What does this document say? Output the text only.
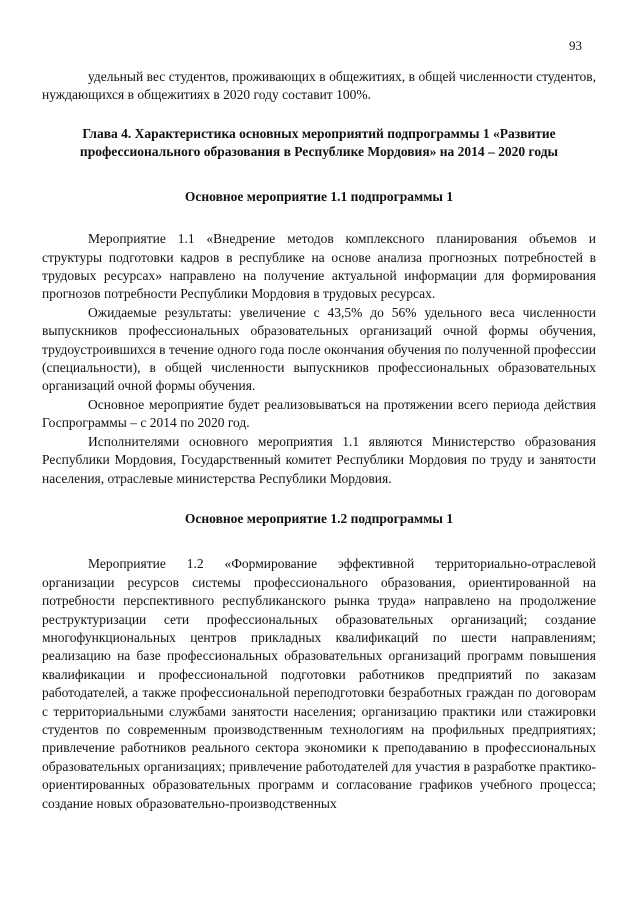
93

удельный вес студентов, проживающих в общежитиях, в общей численности студентов, нуждающихся в общежитиях в 2020 году составит 100%.

Глава 4. Характеристика основных мероприятий подпрограммы 1 «Развитие профессионального образования в Республике Мордовия» на 2014 – 2020 годы
Основное мероприятие 1.1 подпрограммы 1

Мероприятие 1.1 «Внедрение методов комплексного планирования объемов и структуры подготовки кадров в республике на основе анализа прогнозных потребностей в трудовых ресурсах» направлено на получение актуальной информации для формирования прогнозов потребности Республики Мордовия в трудовых ресурсах.

Ожидаемые результаты: увеличение с 43,5% до 56% удельного веса численности выпускников профессиональных образовательных организаций очной формы обучения, трудоустроившихся в течение одного года после окончания обучения по полученной профессии (специальности), в общей численности выпускников профессиональных образовательных организаций очной формы обучения.

Основное мероприятие будет реализовываться на протяжении всего периода действия Госпрограммы – с 2014 по 2020 год.

Исполнителями основного мероприятия 1.1 являются Министерство образования Республики Мордовия, Государственный комитет Республики Мордовия по труду и занятости населения, отраслевые министерства Республики Мордовия.

Основное мероприятие 1.2 подпрограммы 1

Мероприятие 1.2 «Формирование эффективной территориально-отраслевой организации ресурсов системы профессионального образования, ориентированной на потребности перспективного республиканского рынка труда» направлено на продолжение реструктуризации сети профессиональных образовательных организаций; создание многофункциональных центров прикладных квалификаций по шести направлениям; реализацию на базе профессиональных образовательных организаций программ повышения квалификации и профессиональной подготовки работников предприятий по заказам работодателей, а также профессиональной переподготовки безработных граждан по договорам с территориальными службами занятости населения; организацию практики или стажировки студентов по современным производственным технологиям на профильных предприятиях; привлечение работников реального сектора экономики к преподаванию в профессиональных образовательных организациях; привлечение работодателей для участия в разработке практико-ориентированных образовательных программ и согласование графиков учебного процесса; создание новых образовательно-производственных
